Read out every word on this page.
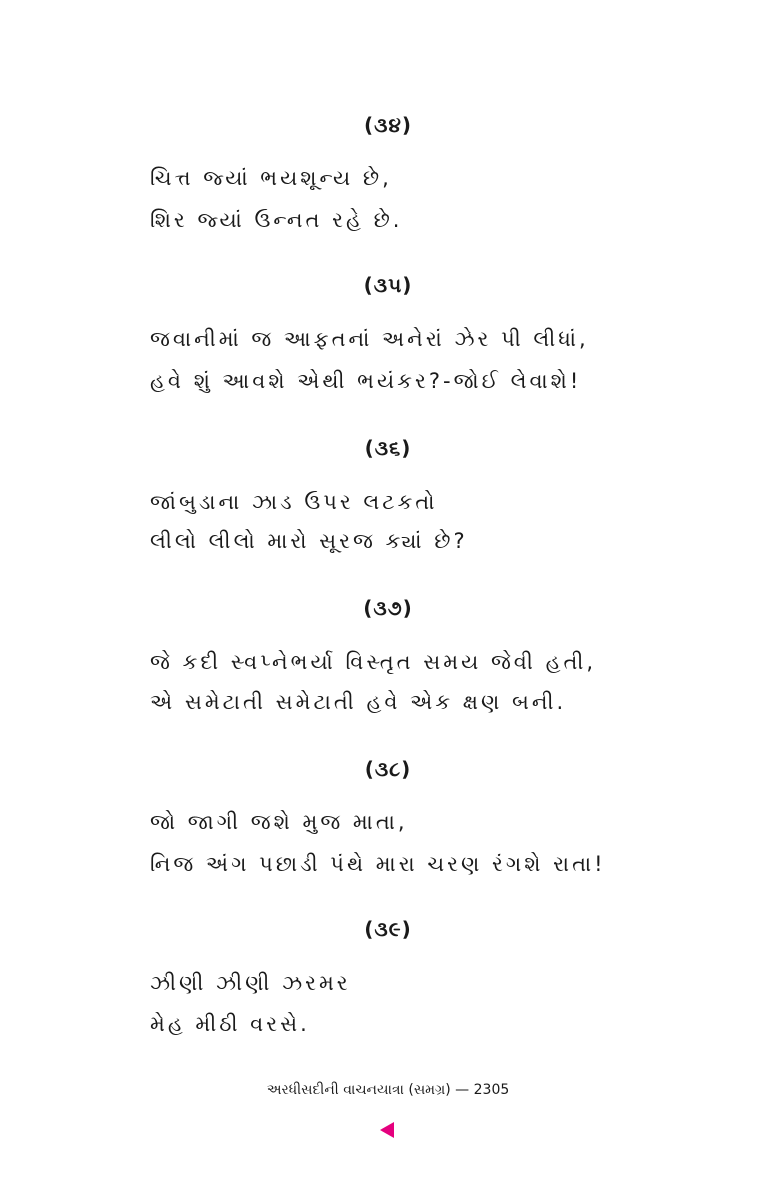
(૩૪)
ચિત્ત જ્યાં ભયશૂન્ય છે,
શિર જ્યાં ઉન્નત રહે છે.
(૩૫)
જવાનીમાં જ આફતનાં અનેરાં ઝેર પી લીધાં,
હવે શું આવશે એથી ભયંકર?-જોઈ લેવાશે!
(૩૬)
જાંબુડાના ઝાડ ઉપર લટકતો
લીલો લીલો મારો સૂરજ ક્યાં છે?
(૩૭)
જે કદી સ્વપ્નેભર્યા વિસ્તૃત સમય જેવી હતી,
એ સમેટાતી સમેટાતી હવે એક ક્ષણ બની.
(૩૮)
જો જાગી જશે મુજ માતા,
નિજ અંગ પછાડી પંથે મારા ચરણ રંગશે રાતા!
(૩૯)
ઝીણી ઝીણી ઝરમર
મેહ મીઠી વરસે.
અરધીસદીની વાચનયાત્રા (સમગ્ર) — 2305
